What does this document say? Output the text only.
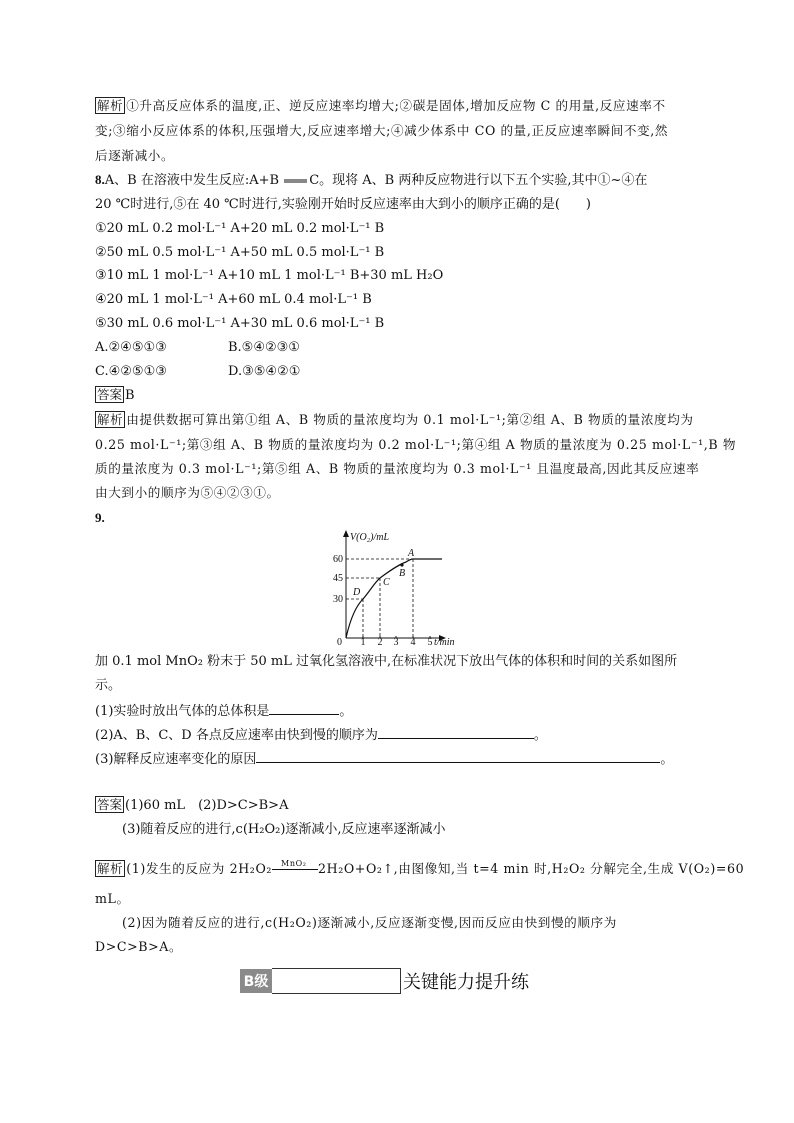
解析 ①升高反应体系的温度,正、逆反应速率均增大;②碳是固体,增加反应物 C 的用量,反应速率不
变;③缩小反应体系的体积,压强增大,反应速率增大;④减少体系中 CO 的量,正反应速率瞬间不变,然
后逐渐减小。
8.A、B 在溶液中发生反应:A+B C。现将 A、B 两种反应物进行以下五个实验,其中①~④在
20 ℃时进行,⑤在 40 ℃时进行,实验刚开始时反应速率由大到小的顺序正确的是(　　)
①20 mL 0.2 mol·L⁻¹ A+20 mL 0.2 mol·L⁻¹ B
②50 mL 0.5 mol·L⁻¹ A+50 mL 0.5 mol·L⁻¹ B
③10 mL 1 mol·L⁻¹ A+10 mL 1 mol·L⁻¹ B+30 mL H₂O
④20 mL 1 mol·L⁻¹ A+60 mL 0.4 mol·L⁻¹ B
⑤30 mL 0.6 mol·L⁻¹ A+30 mL 0.6 mol·L⁻¹ B
A.②④⑤①③	B.⑤④②③①
C.④②⑤①③	D.③⑤④②①
答案 B
解析 由提供数据可算出第①组 A、B 物质的量浓度均为 0.1 mol·L⁻¹;第②组 A、B 物质的量浓度均为
0.25 mol·L⁻¹;第③组 A、B 物质的量浓度均为 0.2 mol·L⁻¹;第④组 A 物质的量浓度为 0.25 mol·L⁻¹,B 物
质的量浓度为 0.3 mol·L⁻¹;第⑤组 A、B 物质的量浓度均为 0.3 mol·L⁻¹ 且温度最高,因此其反应速率
由大到小的顺序为⑤④②③①。
9.
V(O₂)/mL
t/min
0 1 2 3 4 5
30
45
60
A
B
C
D
加 0.1 mol MnO₂ 粉末于 50 mL 过氧化氢溶液中,在标准状况下放出气体的体积和时间的关系如图所
示。
(1)实验时放出气体的总体积是	。
(2)A、B、C、D 各点反应速率由快到慢的顺序为	。
(3)解释反应速率变化的原因	。
答案 (1)60 mL　(2)D>C>B>A
(3)随着反应的进行,c(H₂O₂)逐渐减小,反应速率逐渐减小
解析 (1)发生的反应为 2H₂O₂ MnO₂ 2H₂O+O₂↑,由图像知,当 t=4 min 时,H₂O₂ 分解完全,生成 V(O₂)=60
mL。
(2)因为随着反应的进行,c(H₂O₂)逐渐减小,反应逐渐变慢,因而反应由快到慢的顺序为
D>C>B>A。
B级	关键能力提升练
